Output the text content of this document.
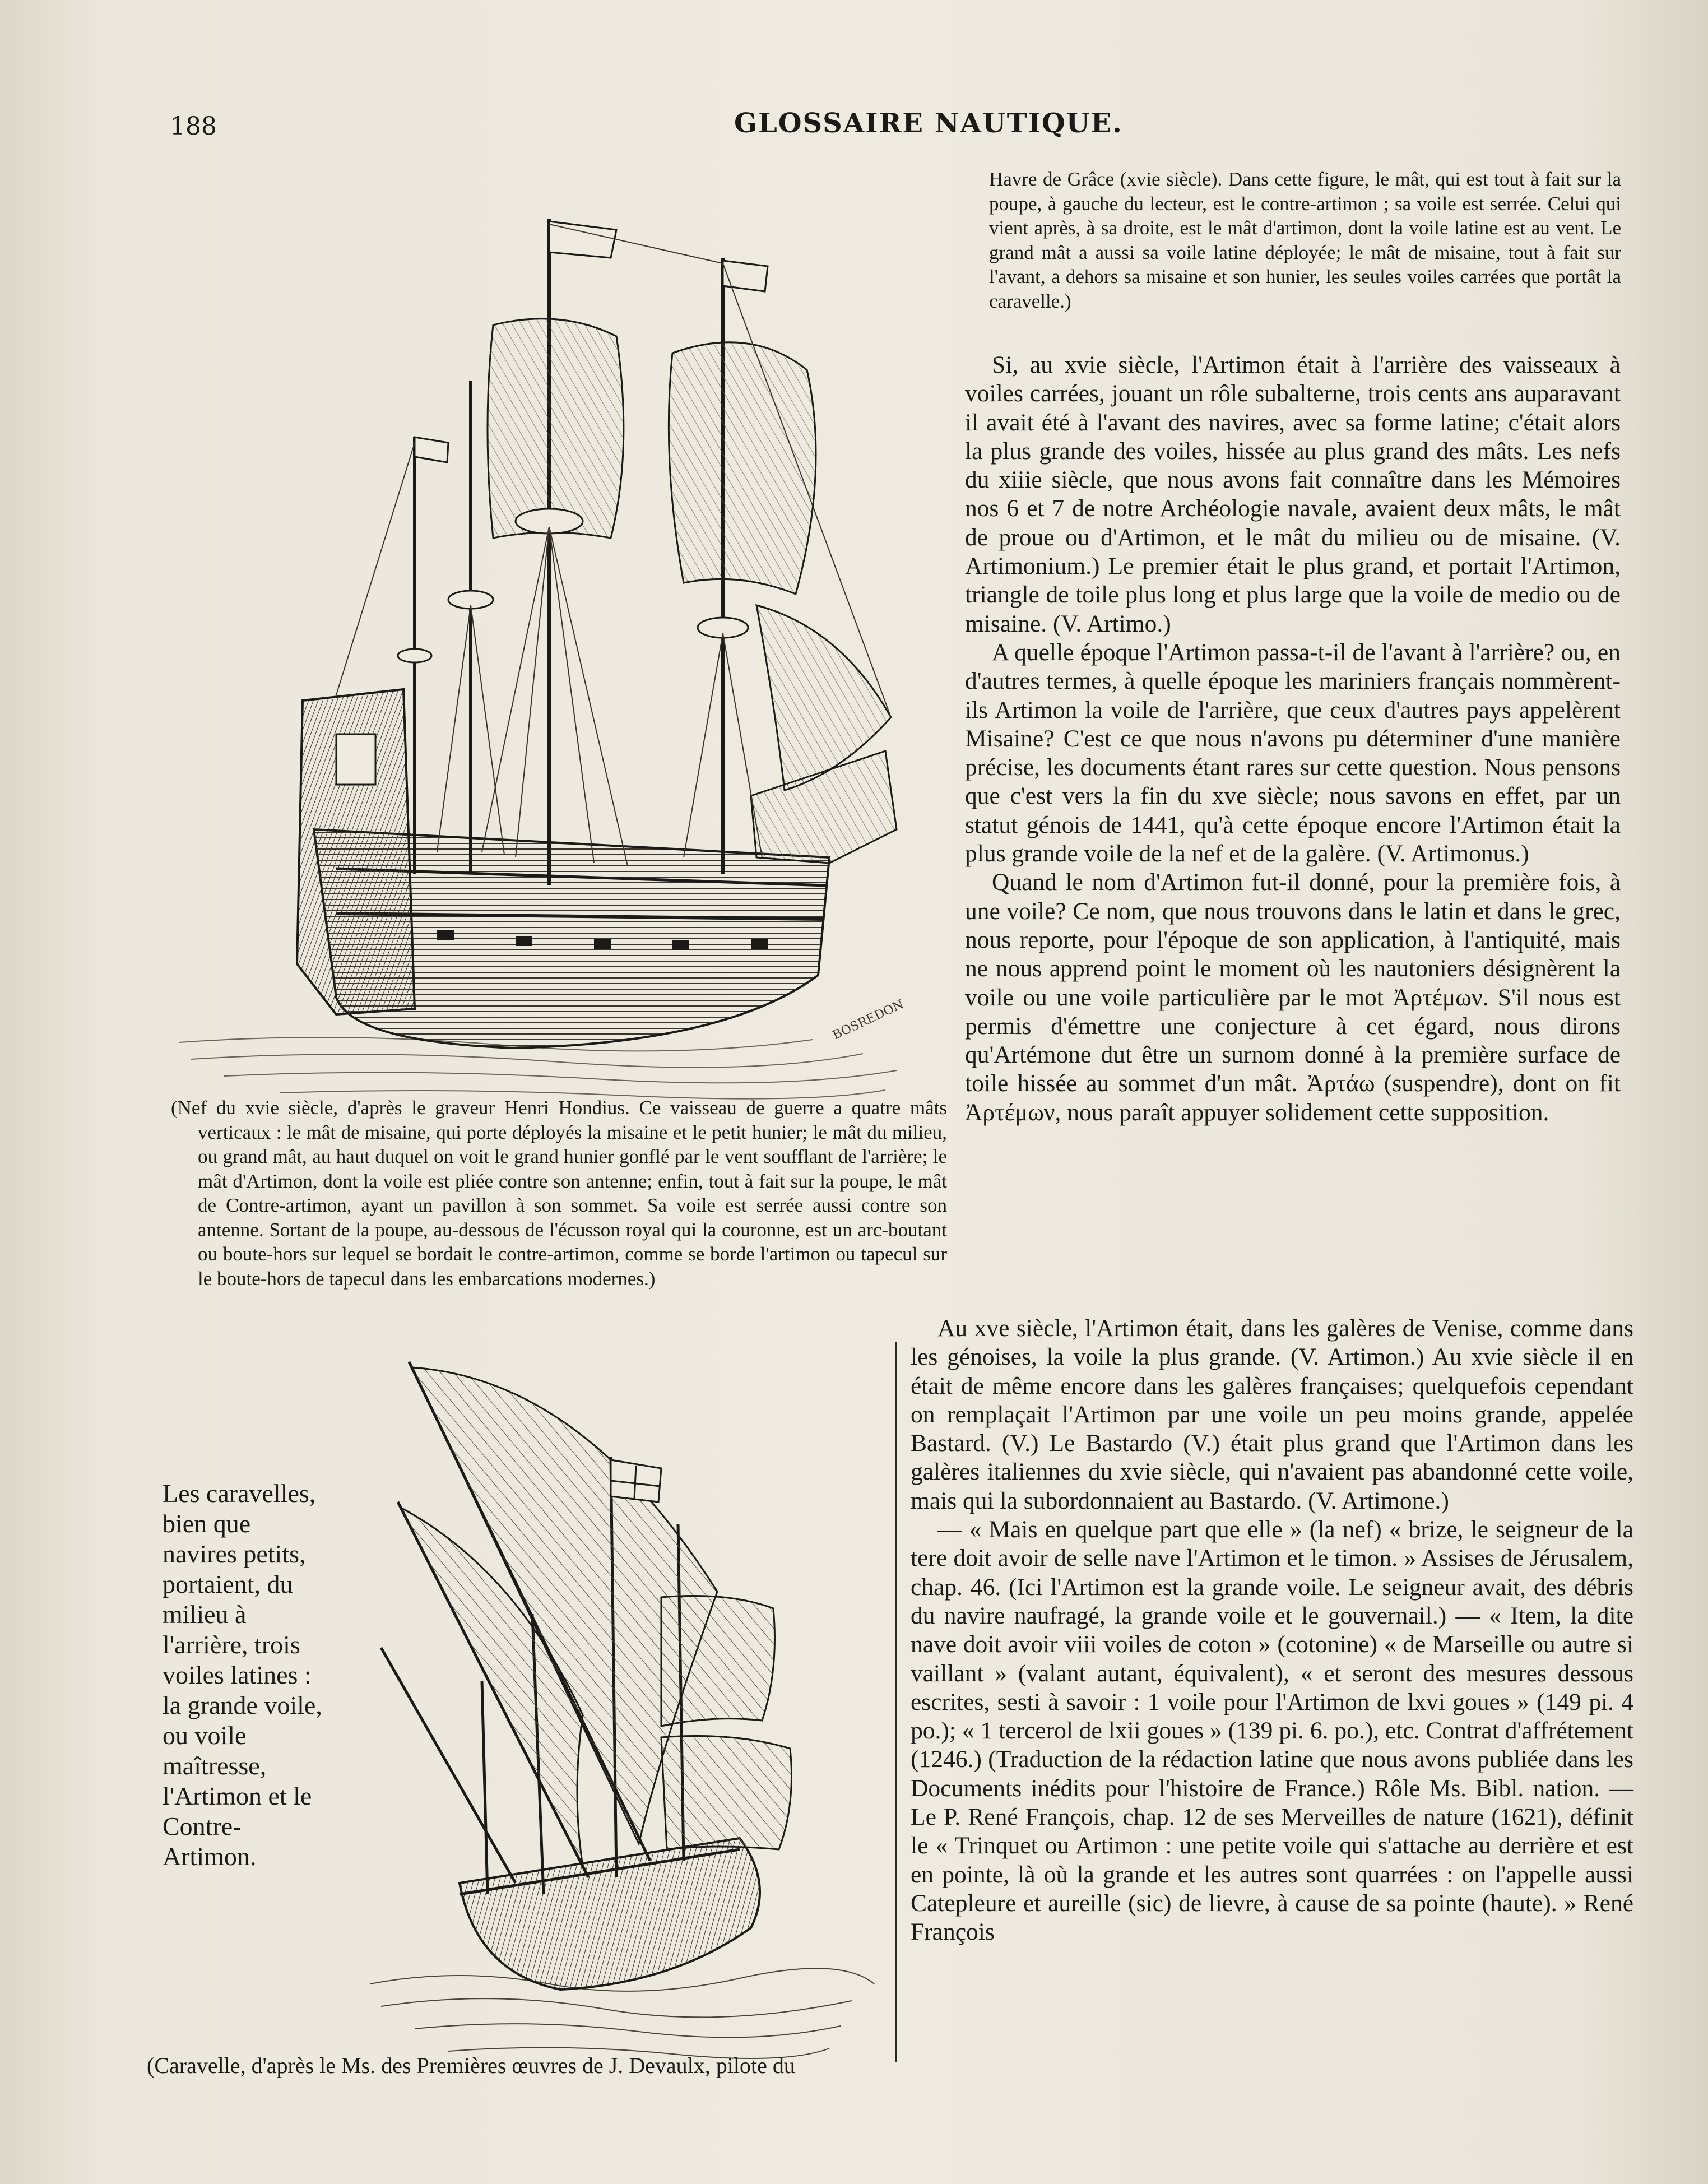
188	GLOSSAIRE NAUTIQUE.
BOSREDON

Havre de Grâce (xvie siècle). Dans cette figure, le mât, qui est tout à fait sur la poupe, à gauche du lecteur, est le contre-artimon ; sa voile est serrée. Celui qui vient après, à sa droite, est le mât d'artimon, dont la voile latine est au vent. Le grand mât a aussi sa voile latine déployée; le mât de misaine, tout à fait sur l'avant, a dehors sa misaine et son hunier, les seules voiles carrées que portât la caravelle.)

Si, au xvie siècle, l'Artimon était à l'arrière des vaisseaux à voiles carrées, jouant un rôle subalterne, trois cents ans auparavant il avait été à l'avant des navires, avec sa forme latine; c'était alors la plus grande des voiles, hissée au plus grand des mâts. Les nefs du xiiie siècle, que nous avons fait connaître dans les Mémoires nos 6 et 7 de notre Archéologie navale, avaient deux mâts, le mât de proue ou d'Artimon, et le mât du milieu ou de misaine. (V. Artimonium.) Le premier était le plus grand, et portait l'Artimon, triangle de toile plus long et plus large que la voile de medio ou de misaine. (V. Artimo.)

A quelle époque l'Artimon passa-t-il de l'avant à l'arrière? ou, en d'autres termes, à quelle époque les mariniers français nommèrent-ils Artimon la voile de l'arrière, que ceux d'autres pays appelèrent Misaine? C'est ce que nous n'avons pu déterminer d'une manière précise, les documents étant rares sur cette question. Nous pensons que c'est vers la fin du xve siècle; nous savons en effet, par un statut génois de 1441, qu'à cette époque encore l'Artimon était la plus grande voile de la nef et de la galère. (V. Artimonus.)

Quand le nom d'Artimon fut-il donné, pour la première fois, à une voile? Ce nom, que nous trouvons dans le latin et dans le grec, nous reporte, pour l'époque de son application, à l'antiquité, mais ne nous apprend point le moment où les nautoniers désignèrent la voile ou une voile particulière par le mot Ἀρτέμων. S'il nous est permis d'émettre une conjecture à cet égard, nous dirons qu'Artémone dut être un surnom donné à la première surface de toile hissée au sommet d'un mât. Ἀρτάω (suspendre), dont on fit Ἀρτέμων, nous paraît appuyer solidement cette supposition.

(Nef du xvie siècle, d'après le graveur Henri Hondius. Ce vaisseau de guerre a quatre mâts verticaux : le mât de misaine, qui porte déployés la misaine et le petit hunier; le mât du milieu, ou grand mât, au haut duquel on voit le grand hunier gonflé par le vent soufflant de l'arrière; le mât d'Artimon, dont la voile est pliée contre son antenne; enfin, tout à fait sur la poupe, le mât de Contre-artimon, ayant un pavillon à son sommet. Sa voile est serrée aussi contre son antenne. Sortant de la poupe, au-dessous de l'écusson royal qui la couronne, est un arc-boutant ou boute-hors sur lequel se bordait le contre-artimon, comme se borde l'artimon ou tapecul sur le boute-hors de tapecul dans les embarcations modernes.)

Au xve siècle, l'Artimon était, dans les galères de Venise, comme dans les génoises, la voile la plus grande. (V. Artimon.) Au xvie siècle il en était de même encore dans les galères françaises; quelquefois cependant on remplaçait l'Artimon par une voile un peu moins grande, appelée Bastard. (V.) Le Bastardo (V.) était plus grand que l'Artimon dans les galères italiennes du xvie siècle, qui n'avaient pas abandonné cette voile, mais qui la subordonnaient au Bastardo. (V. Artimone.)

— « Mais en quelque part que elle » (la nef) « brize, le seigneur de la tere doit avoir de selle nave l'Artimon et le timon. » Assises de Jérusalem, chap. 46. (Ici l'Artimon est la grande voile. Le seigneur avait, des débris du navire naufragé, la grande voile et le gouvernail.) — « Item, la dite nave doit avoir viii voiles de coton » (cotonine) « de Marseille ou autre si vaillant » (valant autant, équivalent), « et seront des mesures dessous escrites, sesti à savoir : 1 voile pour l'Artimon de lxvi goues » (149 pi. 4 po.); « 1 tercerol de lxii goues » (139 pi. 6. po.), etc. Contrat d'affrétement (1246.) (Traduction de la rédaction latine que nous avons publiée dans les Documents inédits pour l'histoire de France.) Rôle Ms. Bibl. nation. — Le P. René François, chap. 12 de ses Merveilles de nature (1621), définit le « Trinquet ou Artimon : une petite voile qui s'attache au derrière et est en pointe, là où la grande et les autres sont quarrées : on l'appelle aussi Catepleure et aureille (sic) de lievre, à cause de sa pointe (haute). » René François

Les caravelles, bien que navires petits, portaient, du milieu à l'arrière, trois voiles latines : la grande voile, ou voile maîtresse, l'Artimon et le Contre-Artimon.

(Caravelle, d'après le Ms. des Premières œuvres de J. Devaulx, pilote du
